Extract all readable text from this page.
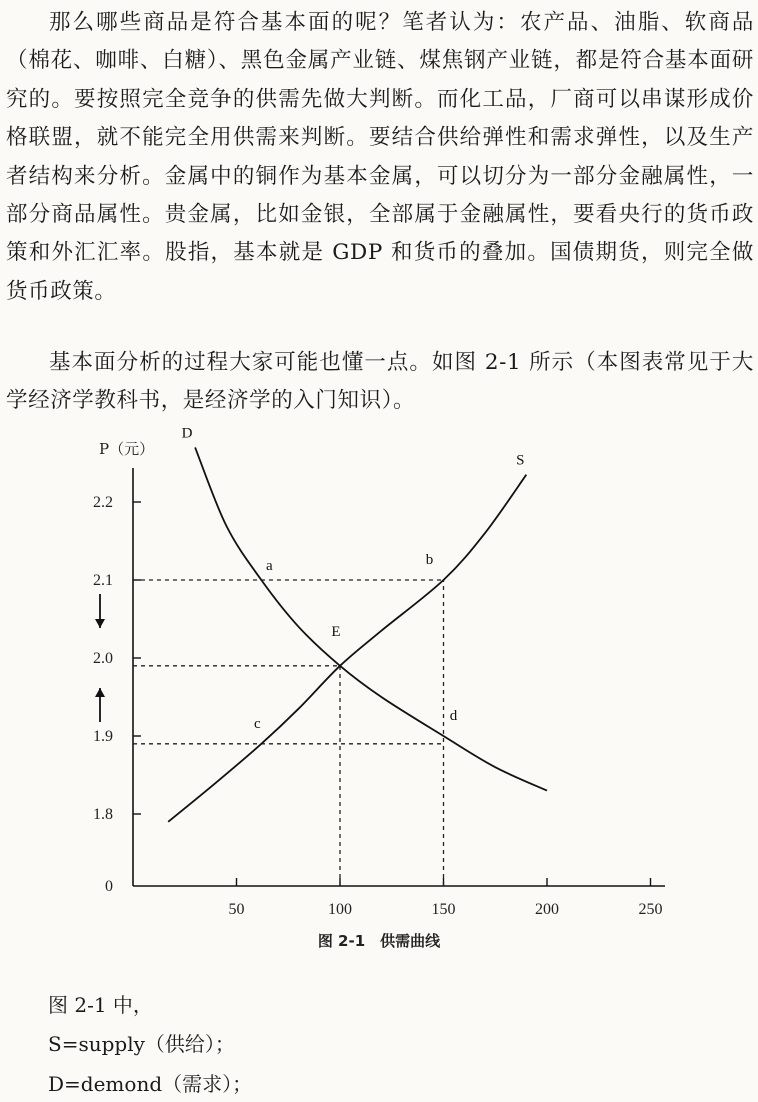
那么哪些商品是符合基本面的呢？笔者认为：农产品、油脂、软商品（棉花、咖啡、白糖）、黑色金属产业链、煤焦钢产业链，都是符合基本面研究的。要按照完全竞争的供需先做大判断。而化工品，厂商可以串谋形成价格联盟，就不能完全用供需来判断。要结合供给弹性和需求弹性，以及生产者结构来分析。金属中的铜作为基本金属，可以切分为一部分金融属性，一部分商品属性。贵金属，比如金银，全部属于金融属性，要看央行的货币政策和外汇汇率。股指，基本就是 GDP 和货币的叠加。国债期货，则完全做货币政策。

基本面分析的过程大家可能也懂一点。如图 2-1 所示（本图表常见于大学经济学教科书，是经济学的入门知识）。

1.8
1.9
2.0
2.1
2.2
0
50	100	150	200	250
P（元）
D
S
a	b
E
c	d

图 2-1　供需曲线

图 2-1 中，

S=supply（供给）；

D=demond（需求）；
